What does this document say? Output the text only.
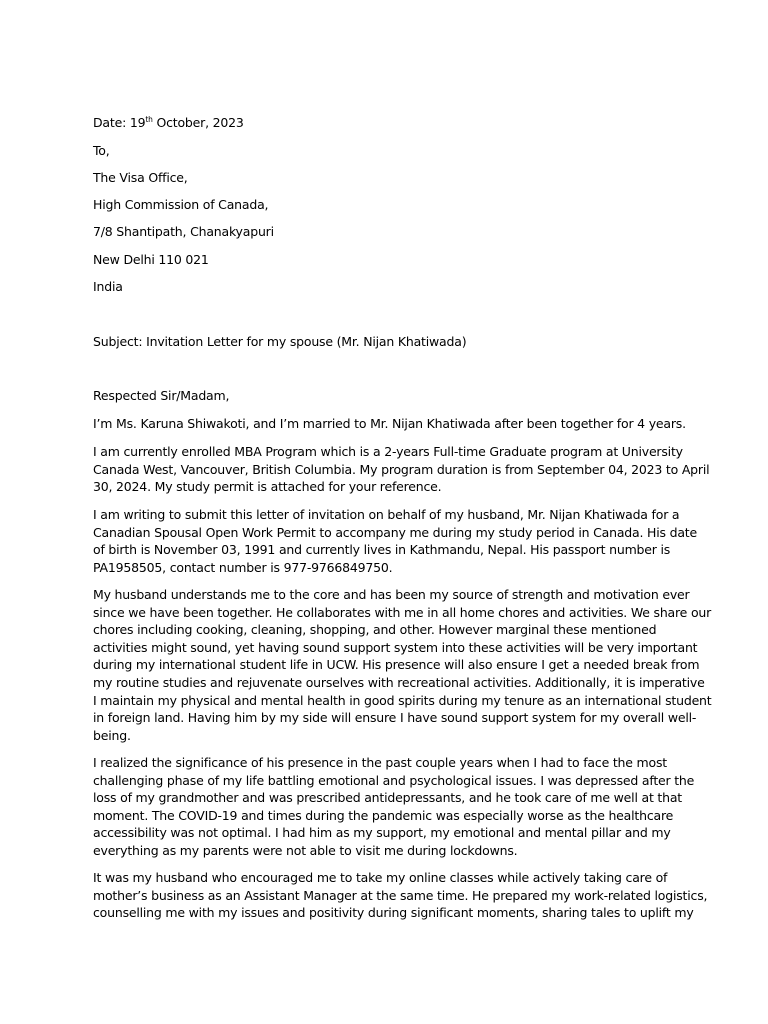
Date: 19th October, 2023
To,
The Visa Office,
High Commission of Canada,
7/8 Shantipath, Chanakyapuri
New Delhi 110 021
India
Subject: Invitation Letter for my spouse (Mr. Nijan Khatiwada)
Respected Sir/Madam,
I’m Ms. Karuna Shiwakoti, and I’m married to Mr. Nijan Khatiwada after been together for 4 years.
I am currently enrolled MBA Program which is a 2-years Full-time Graduate program at University
Canada West, Vancouver, British Columbia. My program duration is from September 04, 2023 to April
30, 2024. My study permit is attached for your reference.
I am writing to submit this letter of invitation on behalf of my husband, Mr. Nijan Khatiwada for a
Canadian Spousal Open Work Permit to accompany me during my study period in Canada. His date
of birth is November 03, 1991 and currently lives in Kathmandu, Nepal. His passport number is
PA1958505, contact number is 977-9766849750.
My husband understands me to the core and has been my source of strength and motivation ever
since we have been together. He collaborates with me in all home chores and activities. We share our
chores including cooking, cleaning, shopping, and other. However marginal these mentioned
activities might sound, yet having sound support system into these activities will be very important
during my international student life in UCW. His presence will also ensure I get a needed break from
my routine studies and rejuvenate ourselves with recreational activities. Additionally, it is imperative
I maintain my physical and mental health in good spirits during my tenure as an international student
in foreign land. Having him by my side will ensure I have sound support system for my overall well-
being.
I realized the significance of his presence in the past couple years when I had to face the most
challenging phase of my life battling emotional and psychological issues. I was depressed after the
loss of my grandmother and was prescribed antidepressants, and he took care of me well at that
moment. The COVID-19 and times during the pandemic was especially worse as the healthcare
accessibility was not optimal. I had him as my support, my emotional and mental pillar and my
everything as my parents were not able to visit me during lockdowns.
It was my husband who encouraged me to take my online classes while actively taking care of
mother’s business as an Assistant Manager at the same time. He prepared my work-related logistics,
counselling me with my issues and positivity during significant moments, sharing tales to uplift my
